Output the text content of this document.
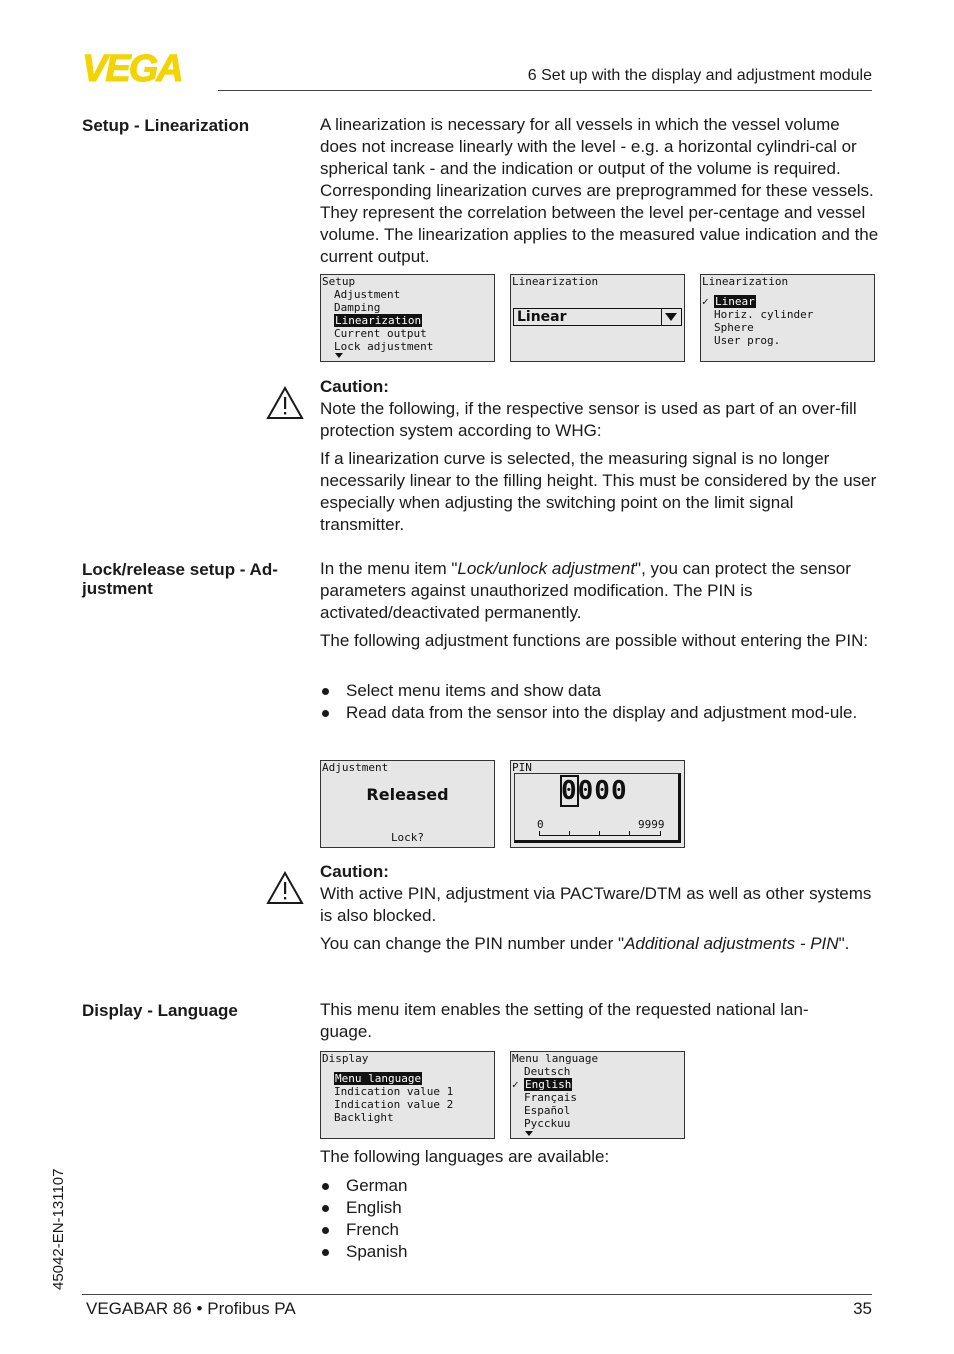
VEGA	6 Set up with the display and adjustment module
Setup - Linearization	A linearization is necessary for all vessels in which the vessel volume does not increase linearly with the level - e.g. a horizontal cylindri-cal or spherical tank - and the indication or output of the volume is required. Corresponding linearization curves are preprogrammed for these vessels. They represent the correlation between the level per-centage and vessel volume. The linearization applies to the measured value indication and the current output.

Setup
Adjustment
Damping
Linearization
Current output
Lock adjustment
Linearization
Linear
Linearization
✓ Linear
Horiz. cylinder
Sphere
User prog.
Caution:

Note the following, if the respective sensor is used as part of an over-fill protection system according to WHG:

If a linearization curve is selected, the measuring signal is no longer necessarily linear to the filling height. This must be considered by the user especially when adjusting the switching point on the limit signal transmitter.

Lock/release setup - Ad-justment

In the menu item "Lock/unlock adjustment", you can protect the sensor parameters against unauthorized modification. The PIN is activated/deactivated permanently.

The following adjustment functions are possible without entering the PIN:

Select menu items and show data
Read data from the sensor into the display and adjustment mod-ule.
Adjustment
Released
Lock?
PIN
0000
0	9999
Caution:

With active PIN, adjustment via PACTware/DTM as well as other systems is also blocked.

You can change the PIN number under "Additional adjustments - PIN".

Display - Language	This menu item enables the setting of the requested national lan-guage.

Display
Menu language
Indication value 1
Indication value 2
Backlight
Menu language
Deutsch
✓ English
Français
Español
Pycckuu

The following languages are available:

German
English
French
Spanish
45042-EN-131107
VEGABAR 86 • Profibus PA	35
